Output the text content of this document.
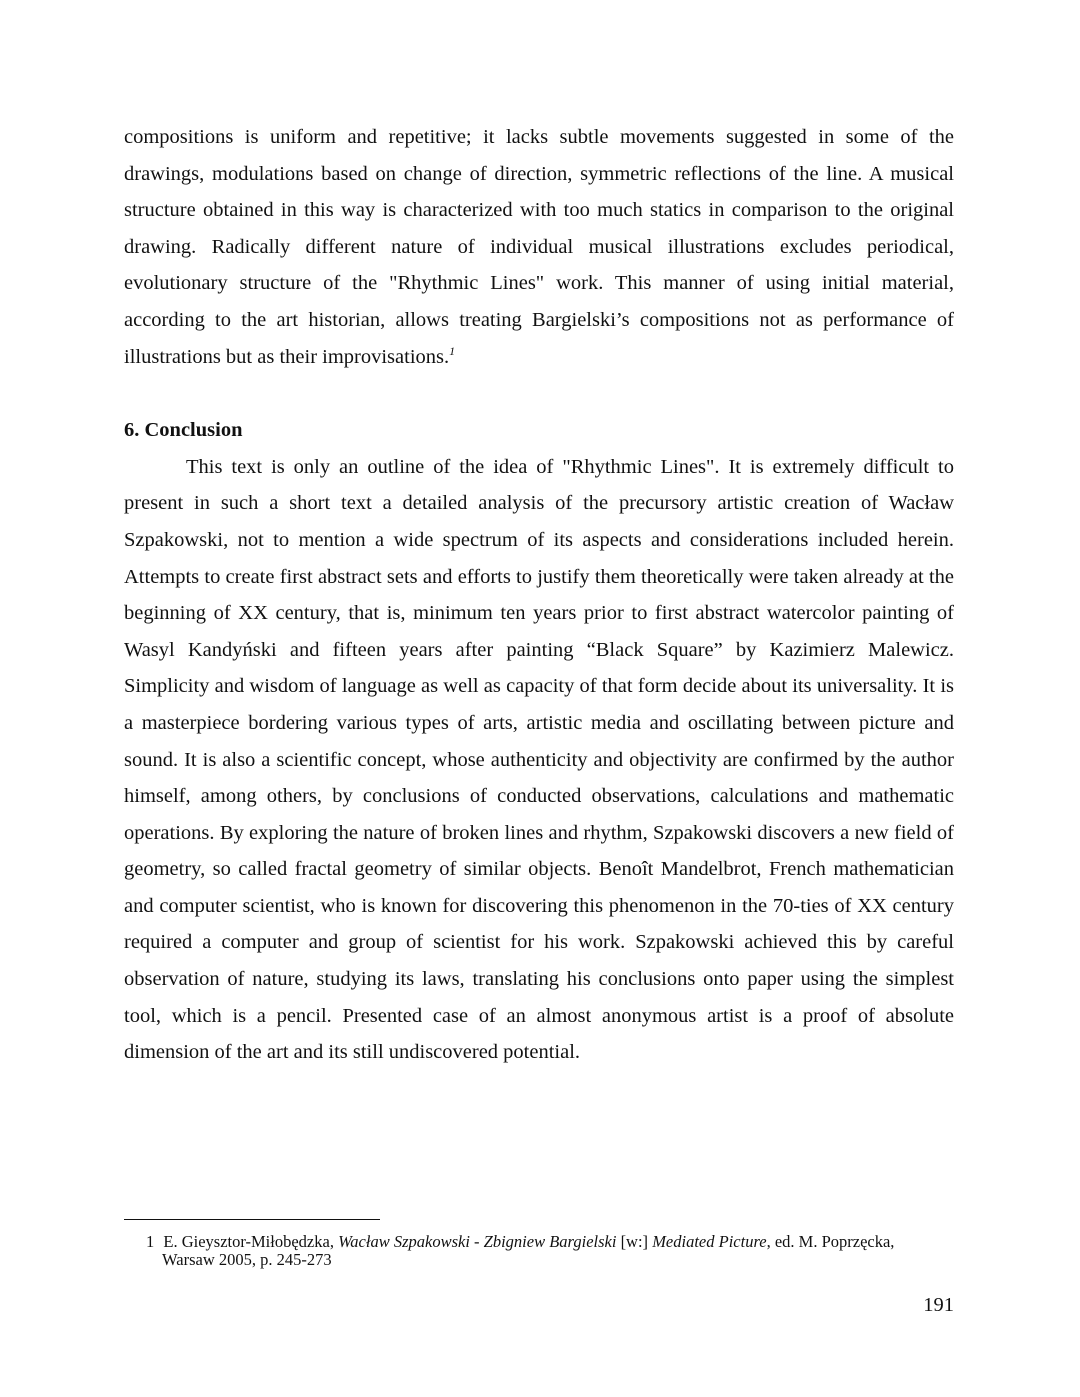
compositions is uniform and repetitive; it lacks subtle movements suggested in some of the drawings, modulations based on change of direction, symmetric reflections of the line. A musical structure obtained in this way is characterized with too much statics in comparison to the original drawing. Radically different nature of individual musical illustrations excludes periodical, evolutionary structure of the "Rhythmic Lines" work. This manner of using initial material, according to the art historian, allows treating Bargielski’s compositions not as performance of illustrations but as their improvisations.$^1$

6. Conclusion

This text is only an outline of the idea of "Rhythmic Lines". It is extremely difficult to present in such a short text a detailed analysis of the precursory artistic creation of Wacław Szpakowski, not to mention a wide spectrum of its aspects and considerations included herein. Attempts to create first abstract sets and efforts to justify them theoretically were taken already at the beginning of XX century, that is, minimum ten years prior to first abstract watercolor painting of Wasyl Kandyński and fifteen years after painting “Black Square” by Kazimierz Malewicz. Simplicity and wisdom of language as well as capacity of that form decide about its universality. It is a masterpiece bordering various types of arts, artistic media and oscillating between picture and sound. It is also a scientific concept, whose authenticity and objectivity are confirmed by the author himself, among others, by conclusions of conducted observations, calculations and mathematic operations. By exploring the nature of broken lines and rhythm, Szpakowski discovers a new field of geometry, so called fractal geometry of similar objects. Benoît Mandelbrot, French mathematician and computer scientist, who is known for discovering this phenomenon in the 70-ties of XX century required a computer and group of scientist for his work. Szpakowski achieved this by careful observation of nature, studying its laws, translating his conclusions onto paper using the simplest tool, which is a pencil. Presented case of an almost anonymous artist is a proof of absolute dimension of the art and its still undiscovered potential.

1 E. Gieysztor-Miłobędzka, Wacław Szpakowski - Zbigniew Bargielski [w:] Mediated Picture, ed. M. Poprzęcka,
Warsaw 2005, p. 245-273
191
